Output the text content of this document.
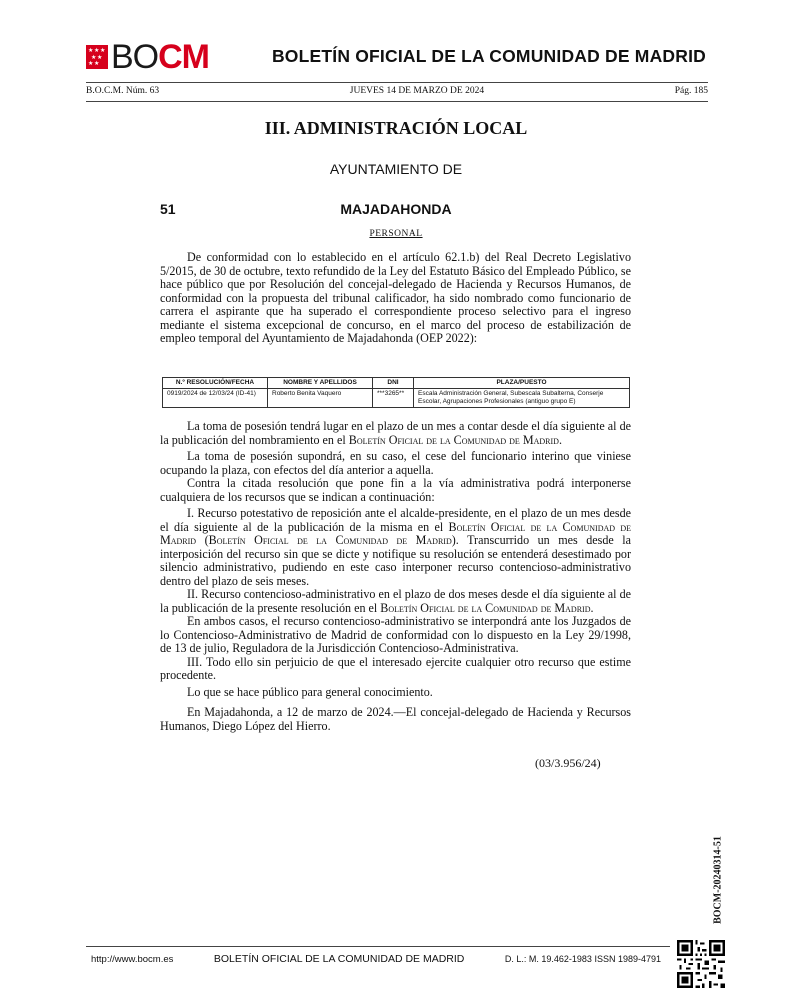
★ ★ ★
★ ★
★ ★ BO CM	BOLETÍN OFICIAL DE LA COMUNIDAD DE MADRID
B.O.C.M. Núm. 63	JUEVES 14 DE MARZO DE 2024	Pág. 185
III. ADMINISTRACIÓN LOCAL
AYUNTAMIENTO DE
51	MAJADAHONDA
PERSONAL

De conformidad con lo establecido en el artículo 62.1.b) del Real Decreto Legislativo 5/2015, de 30 de octubre, texto refundido de la Ley del Estatuto Básico del Empleado Público, se hace público que por Resolución del concejal-delegado de Hacienda y Recursos Humanos, de conformidad con la propuesta del tribunal calificador, ha sido nombrado como funcionario de carrera el aspirante que ha superado el correspondiente proceso selectivo para el ingreso mediante el sistema excepcional de concurso, en el marco del proceso de estabilización de empleo temporal del Ayuntamiento de Majadahonda (OEP 2022):

N.º RESOLUCIÓN/FECHA	NOMBRE Y APELLIDOS	DNI	PLAZA/PUESTO
0919/2024 de 12/03/24 (ID-41)	Roberto Benita Vaquero	***3265**	Escala Administración General, Subescala Subalterna, Conserje Escolar, Agrupaciones Profesionales (antiguo grupo E)

La toma de posesión tendrá lugar en el plazo de un mes a contar desde el día siguiente al de la publicación del nombramiento en el Boletín Oficial de la Comunidad de Madrid.

La toma de posesión supondrá, en su caso, el cese del funcionario interino que viniese ocupando la plaza, con efectos del día anterior a aquella.

Contra la citada resolución que pone fin a la vía administrativa podrá interponerse cualquiera de los recursos que se indican a continuación:

I. Recurso potestativo de reposición ante el alcalde-presidente, en el plazo de un mes desde el día siguiente al de la publicación de la misma en el Boletín Oficial de la Comunidad de Madrid (Boletín Oficial de la Comunidad de Madrid). Transcurrido un mes desde la interposición del recurso sin que se dicte y notifique su resolución se entenderá desestimado por silencio administrativo, pudiendo en este caso interponer recurso contencioso-administrativo dentro del plazo de seis meses.

II. Recurso contencioso-administrativo en el plazo de dos meses desde el día siguiente al de la publicación de la presente resolución en el Boletín Oficial de la Comunidad de Madrid.

En ambos casos, el recurso contencioso-administrativo se interpondrá ante los Juzgados de lo Contencioso-Administrativo de Madrid de conformidad con lo dispuesto en la Ley 29/1998, de 13 de julio, Reguladora de la Jurisdicción Contencioso-Administrativa.

III. Todo ello sin perjuicio de que el interesado ejercite cualquier otro recurso que estime procedente.

Lo que se hace público para general conocimiento.

En Majadahonda, a 12 de marzo de 2024.—El concejal-delegado de Hacienda y Recursos Humanos, Diego López del Hierro.

(03/3.956/24)
BOCM-20240314-51
http://www.bocm.es	BOLETÍN OFICIAL DE LA COMUNIDAD DE MADRID	D. L.: M. 19.462-1983 ISSN 1989-4791
